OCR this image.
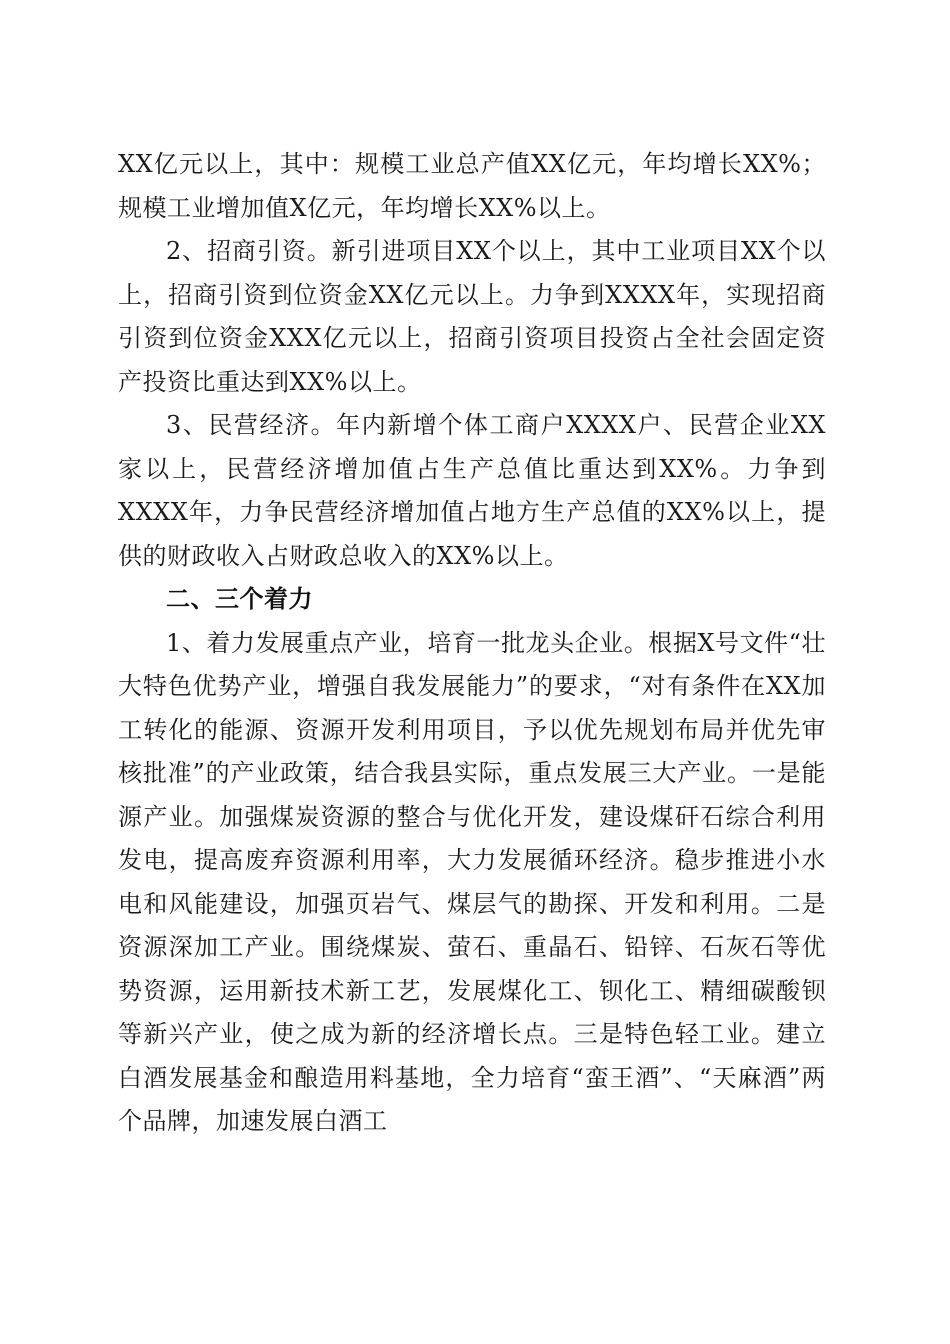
XX亿元以上，其中：规模工业总产值XX亿元，年均增长XX%；规模工业增加值X亿元，年均增长XX%以上。

2、招商引资。新引进项目XX个以上，其中工业项目XX个以上，招商引资到位资金XX亿元以上。力争到XXXX年，实现招商引资到位资金XXX亿元以上，招商引资项目投资占全社会固定资产投资比重达到XX%以上。

3、民营经济。年内新增个体工商户XXXX户、民营企业XX家以上，民营经济增加值占生产总值比重达到XX%。力争到XXXX年，力争民营经济增加值占地方生产总值的XX%以上，提供的财政收入占财政总收入的XX%以上。

二、三个着力

1、着力发展重点产业，培育一批龙头企业。根据X号文件“壮大特色优势产业，增强自我发展能力”的要求，“对有条件在XX加工转化的能源、资源开发利用项目，予以优先规划布局并优先审核批准”的产业政策，结合我县实际，重点发展三大产业。一是能源产业。加强煤炭资源的整合与优化开发，建设煤矸石综合利用发电，提高废弃资源利用率，大力发展循环经济。稳步推进小水电和风能建设，加强页岩气、煤层气的勘探、开发和利用。二是资源深加工产业。围绕煤炭、萤石、重晶石、铅锌、石灰石等优势资源，运用新技术新工艺，发展煤化工、钡化工、精细碳酸钡等新兴产业，使之成为新的经济增长点。三是特色轻工业。建立白酒发展基金和酿造用料基地，全力培育“蛮王酒”、“天麻酒”两个品牌，加速发展白酒工
